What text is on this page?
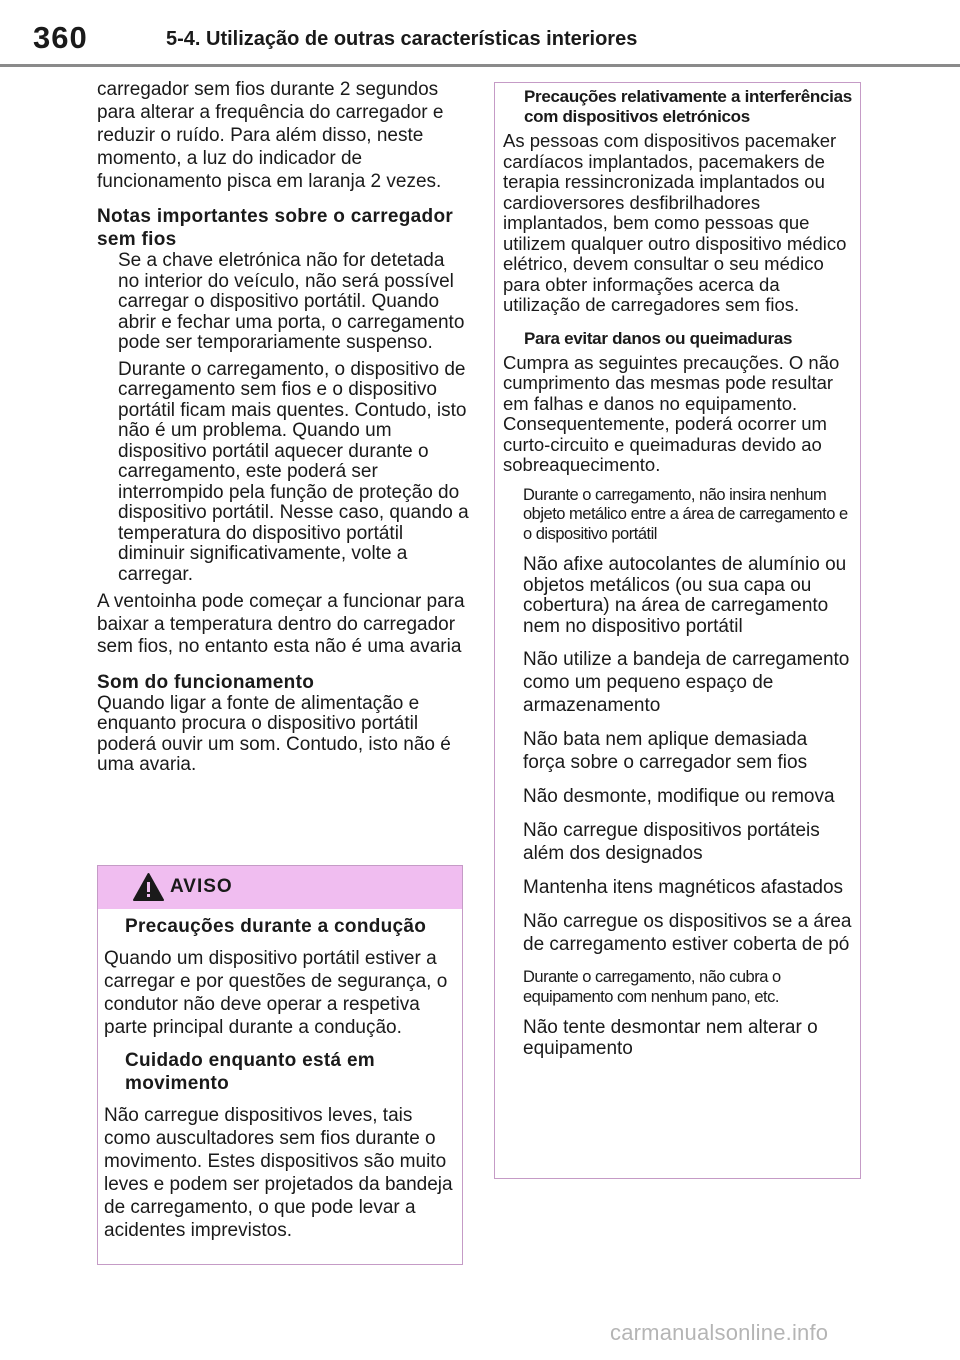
360	5-4. Utilização de outras características interiores

carregador sem fios durante 2 segundos para alterar a frequência do carregador e reduzir o ruído. Para além disso, neste momento, a luz do indicador de funcionamento pisca em laranja 2 vezes.

Notas importantes sobre o carregador sem fios

Se a chave eletrónica não for detetada no interior do veículo, não será possível carregar o dispositivo portátil. Quando abrir e fechar uma porta, o carregamento pode ser temporariamente suspenso.

Durante o carregamento, o dispositivo de carregamento sem fios e o dispositivo portátil ficam mais quentes. Contudo, isto não é um problema. Quando um dispositivo portátil aquecer durante o carregamento, este poderá ser interrompido pela função de proteção do dispositivo portátil. Nesse caso, quando a temperatura do dispositivo portátil diminuir significativamente, volte a carregar.

A ventoinha pode começar a funcionar para baixar a temperatura dentro do carregador sem fios, no entanto esta não é uma avaria

Som do funcionamento

Quando ligar a fonte de alimentação e enquanto procura o dispositivo portátil poderá ouvir um som. Contudo, isto não é uma avaria.

AVISO

Precauções durante a condução

Quando um dispositivo portátil estiver a carregar e por questões de segurança, o condutor não deve operar a respetiva parte principal durante a condução.

Cuidado enquanto está em movimento

Não carregue dispositivos leves, tais como auscultadores sem fios durante o movimento. Estes dispositivos são muito leves e podem ser projetados da bandeja de carregamento, o que pode levar a acidentes imprevistos.

Precauções relativamente a interferências com dispositivos eletrónicos

As pessoas com dispositivos pacemaker cardíacos implantados, pacemakers de terapia ressincronizada implantados ou cardioversores desfibrilhadores implantados, bem como pessoas que utilizem qualquer outro dispositivo médico elétrico, devem consultar o seu médico para obter informações acerca da utilização de carregadores sem fios.

Para evitar danos ou queimaduras

Cumpra as seguintes precauções. O não cumprimento das mesmas pode resultar em falhas e danos no equipamento. Consequentemente, poderá ocorrer um curto-circuito e queimaduras devido ao sobreaquecimento.

Durante o carregamento, não insira nenhum objeto metálico entre a área de carregamento e o dispositivo portátil

Não afixe autocolantes de alumínio ou objetos metálicos (ou sua capa ou cobertura) na área de carregamento nem no dispositivo portátil

Não utilize a bandeja de carregamento como um pequeno espaço de armazenamento

Não bata nem aplique demasiada força sobre o carregador sem fios

Não desmonte, modifique ou remova

Não carregue dispositivos portáteis além dos designados

Mantenha itens magnéticos afastados

Não carregue os dispositivos se a área de carregamento estiver coberta de pó

Durante o carregamento, não cubra o equipamento com nenhum pano, etc.

Não tente desmontar nem alterar o equipamento

carmanualsonline.info
